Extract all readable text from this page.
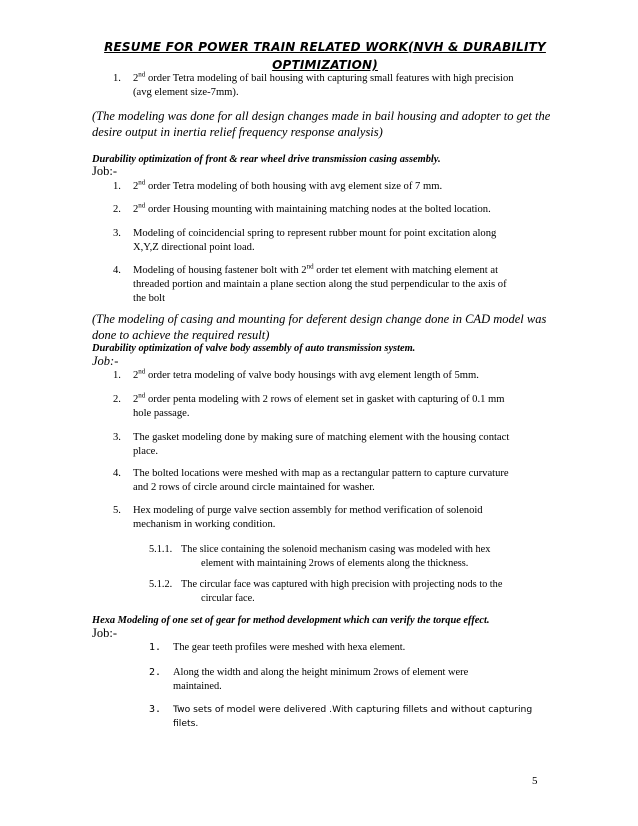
RESUME FOR POWER TRAIN RELATED WORK(NVH & DURABILITY
OPTIMIZATION)
1.	2nd order Tetra modeling of bail housing with capturing small features with high precision
(avg element size-7mm).
(The modeling was done for all design changes made in bail housing and adopter to get the desire output in inertia relief frequency response analysis)
Durability optimization of front & rear wheel drive transmission casing assembly.
Job:-
1.	2nd order Tetra modeling of both housing with avg element size of 7 mm.
2.	2nd order Housing mounting with maintaining matching nodes at the bolted location.
3.	Modeling of coincidencial spring to represent rubber mount for point excitation along
X,Y,Z directional point load.
4.	Modeling of housing fastener bolt with 2nd order tet element with matching element at
threaded portion and maintain a plane section along the stud perpendicular to the axis of
the bolt
(The modeling of casing and mounting for deferent design change done in CAD model was done to achieve the required result)
Durability optimization of valve body assembly of auto transmission system.
Job:-
1.	2nd order tetra modeling of valve body housings with avg element length of 5mm.
2.	2nd order penta modeling with 2 rows of element set in gasket with capturing of 0.1 mm
hole passage.
3.	The gasket modeling done by making sure of matching element with the housing contact
place.
4.	The bolted locations were meshed with map as a rectangular pattern to capture curvature
and 2 rows of circle around circle maintained for washer.
5.	Hex modeling of purge valve section assembly for method verification of solenoid
mechanism in working condition.
5.1.1. The slice containing the solenoid mechanism casing was modeled with hex
element with maintaining 2rows of elements along the thickness.
5.1.2. The circular face was captured with high precision with projecting nods to the
circular face.
Hexa Modeling of one set of gear for method development which can verify the torque effect.
Job:-
1. The gear teeth profiles were meshed with hexa element.
2. Along the width and along the height minimum 2rows of element were
maintained.
3. Two sets of model were delivered .With capturing fillets and without capturing
filets.
5
